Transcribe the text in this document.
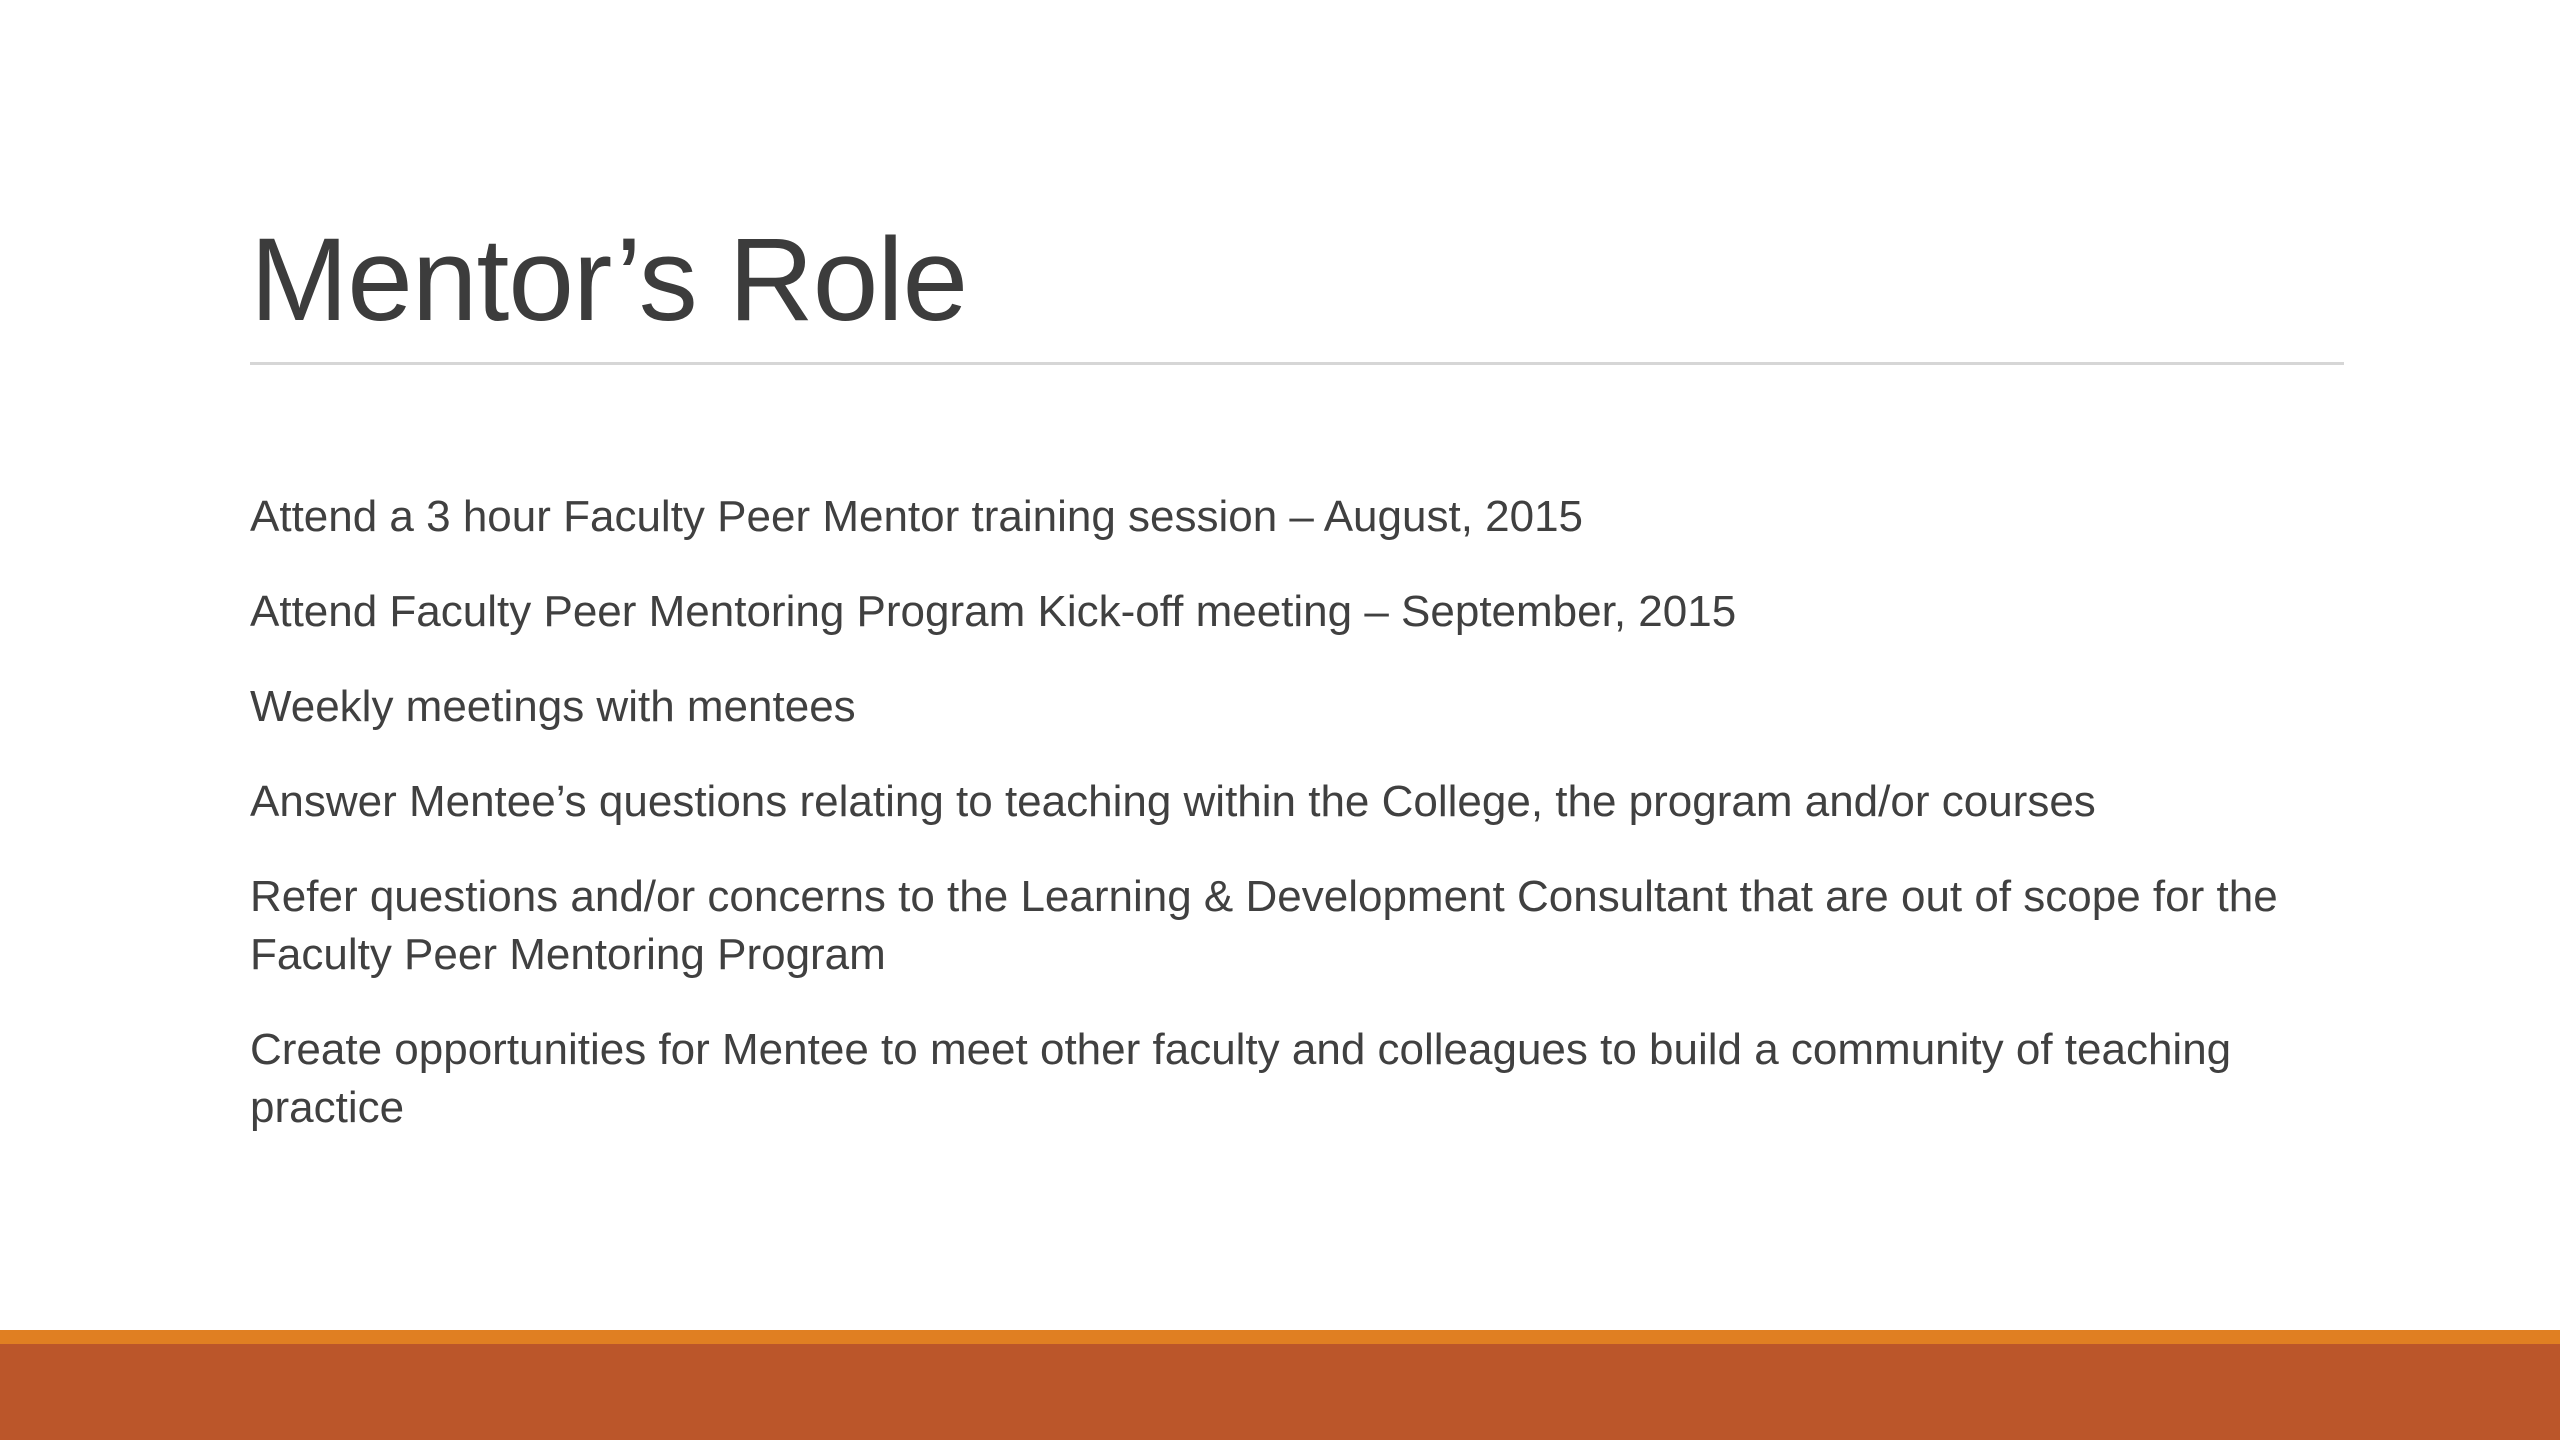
Mentor’s Role
Attend a 3 hour Faculty Peer Mentor training session – August, 2015
Attend Faculty Peer Mentoring Program Kick-off meeting – September, 2015
Weekly meetings with mentees
Answer Mentee’s questions relating to teaching within the College, the program and/or courses
Refer questions and/or concerns to the Learning & Development Consultant that are out of scope for the Faculty Peer Mentoring Program
Create opportunities for Mentee to meet other faculty and colleagues to build a community of teaching practice
